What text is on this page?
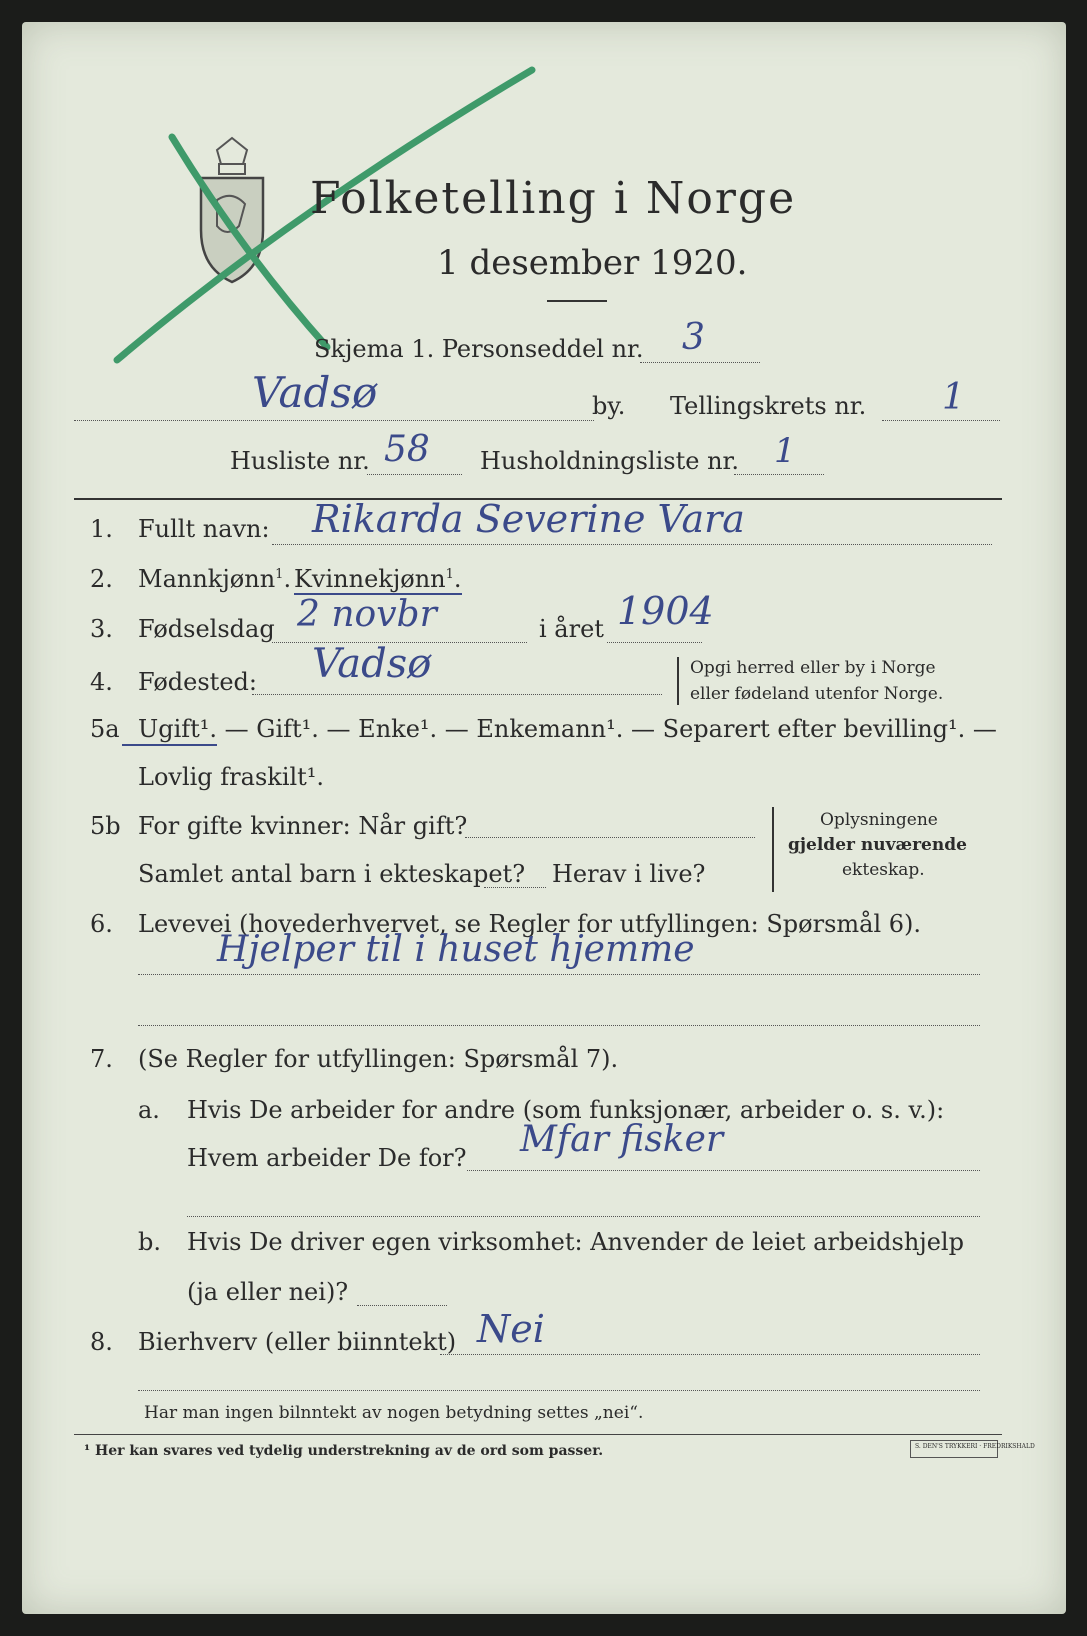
Folketelling i Norge
1 desember 1920.
Skjema 1. Personseddel nr. 3
Vadsø	by. Tellingskrets nr. 1
Husliste nr. 58 Husholdningsliste nr. 1
1. Fullt navn: Rikarda Severine Vara
2. Mannkjønn$^1$. Kvinnekjønn$^1$.
3. Fødselsdag 2 novbr	i året 1904
4. Fødested: Vadsø	Opgi herred eller by i Norge
eller fødeland utenfor Norge.
5a Ugift¹. — Gift¹. — Enke¹. — Enkemann¹. — Separert efter bevilling¹. —
Lovlig fraskilt¹.
5b For gifte kvinner: Når gift?
Samlet antal barn i ekteskapet? Herav i live?
Oplysningene
gjelder nuværende
ekteskap.
6. Levevei (hovederhvervet, se Regler for utfyllingen: Spørsmål 6).
Hjelper til i huset hjemme
7. (Se Regler for utfyllingen: Spørsmål 7).
a. Hvis De arbeider for andre (som funksjonær, arbeider o. s. v.):
Hvem arbeider De for? Mfar fisker
b. Hvis De driver egen virksomhet: Anvender de leiet arbeidshjelp
(ja eller nei)?
8. Bierhverv (eller biinntekt) Nei
Har man ingen bilnntekt av nogen betydning settes „nei“.
¹ Her kan svares ved tydelig understrekning av de ord som passer.	S. DEN'S TRYKKERI · FREDRIKSHALD
